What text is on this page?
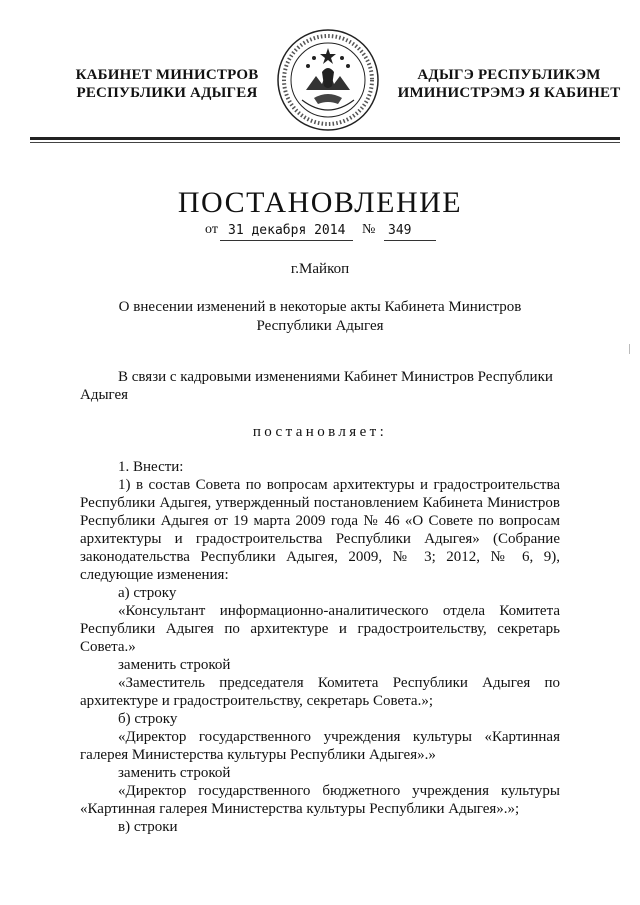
КАБИНЕТ МИНИСТРОВ
РЕСПУБЛИКИ АДЫГЕЯ
АДЫГЭ РЕСПУБЛИКЭМ
ИМИНИСТРЭМЭ Я КАБИНЕТ
ПОСТАНОВЛЕНИЕ
от 31 декабря 2014 № 349
г.Майкоп
О внесении изменений в некоторые акты Кабинета Министров
Республики Адыгея
В связи с кадровыми изменениями Кабинет Министров Республики
Адыгея
постановляет:
1. Внести:
1) в состав Совета по вопросам архитектуры и градостроительства Республики Адыгея, утвержденный постановлением Кабинета Министров Республики Адыгея от 19 марта 2009 года № 46 «О Совете по вопросам архитектуры и градостроительства Республики Адыгея» (Собрание законодательства Республики Адыгея, 2009, № 3; 2012, № 6, 9), следующие изменения:
а) строку
«Консультант информационно-аналитического отдела Комитета Республики Адыгея по архитектуре и градостроительству, секретарь Совета.»
заменить строкой
«Заместитель председателя Комитета Республики Адыгея по архитектуре и градостроительству, секретарь Совета.»;
б) строку
«Директор государственного учреждения культуры «Картинная галерея Министерства культуры Республики Адыгея».»
заменить строкой
«Директор государственного бюджетного учреждения культуры «Картинная галерея Министерства культуры Республики Адыгея».»;
в) строки
